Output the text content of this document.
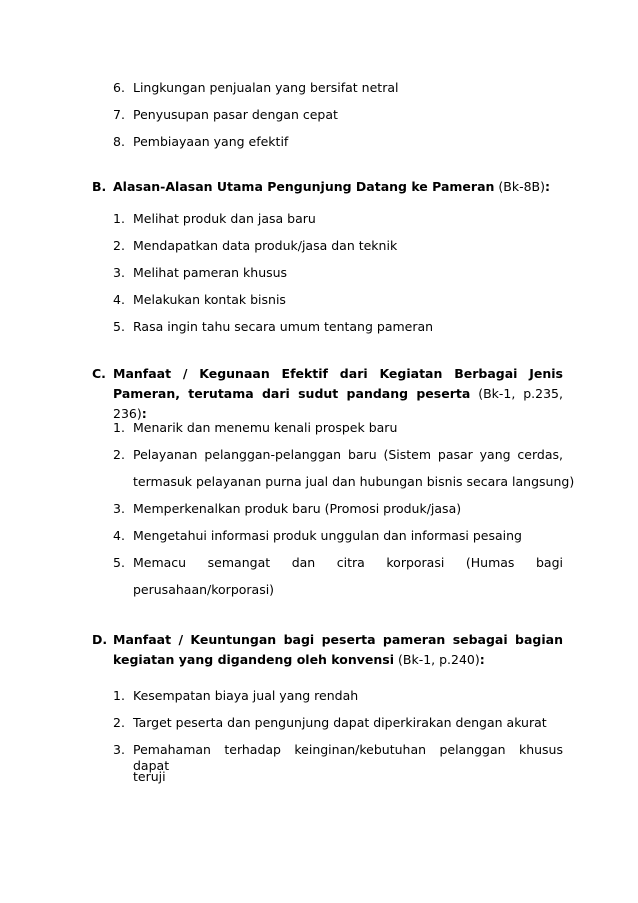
6. Lingkungan penjualan yang bersifat netral
7. Penyusupan pasar dengan cepat
8. Pembiayaan yang efektif
B. Alasan-Alasan Utama Pengunjung Datang ke Pameran (Bk-8B):
1. Melihat produk dan jasa baru
2. Mendapatkan data produk/jasa dan teknik
3. Melihat pameran khusus
4. Melakukan kontak bisnis
5. Rasa ingin tahu secara umum tentang pameran
C. Manfaat / Kegunaan Efektif dari Kegiatan Berbagai Jenis Pameran, terutama dari sudut pandang peserta (Bk-1, p.235, 236):
1. Menarik dan menemu kenali prospek baru
2. Pelayanan pelanggan-pelanggan baru (Sistem pasar yang cerdas,
termasuk pelayanan purna jual dan hubungan bisnis secara langsung)
3. Memperkenalkan produk baru (Promosi produk/jasa)
4. Mengetahui informasi produk unggulan dan informasi pesaing
5. Memacu semangat dan citra korporasi (Humas bagi
perusahaan/korporasi)
D. Manfaat / Keuntungan bagi peserta pameran sebagai bagian kegiatan yang digandeng oleh konvensi (Bk-1, p.240):
1. Kesempatan biaya jual yang rendah
2. Target peserta dan pengunjung dapat diperkirakan dengan akurat
3. Pemahaman terhadap keinginan/kebutuhan pelanggan khusus dapat
teruji
